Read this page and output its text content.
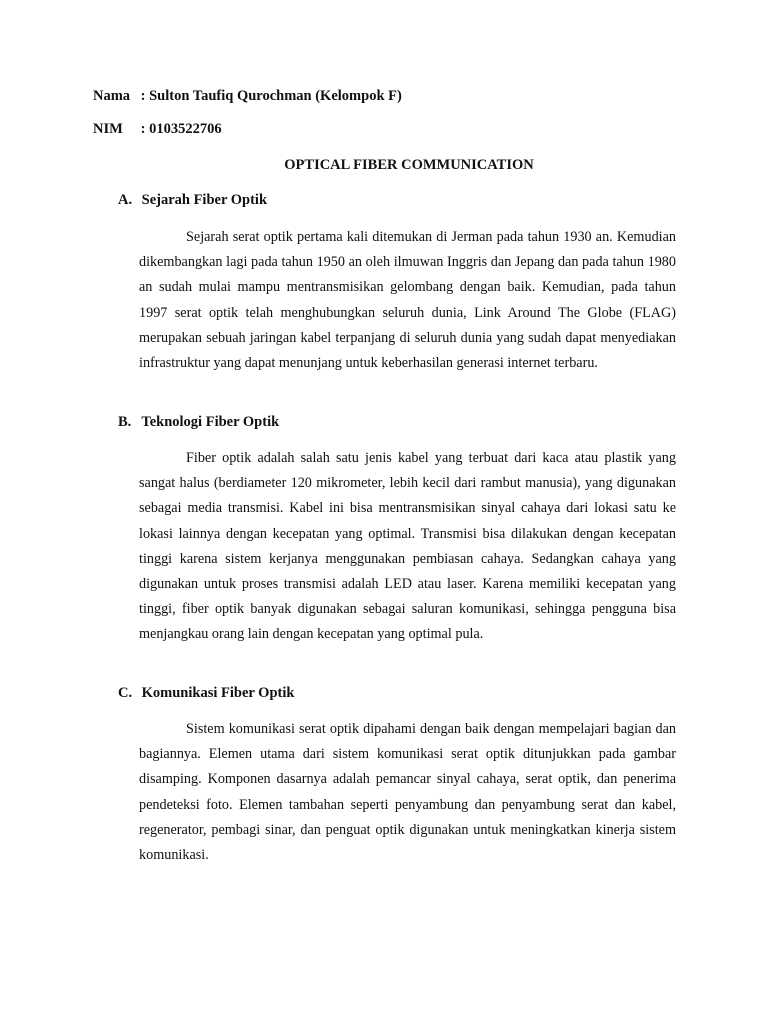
Nama : Sulton Taufiq Qurochman (Kelompok F)
NIM : 0103522706
OPTICAL FIBER COMMUNICATION
A. Sejarah Fiber Optik

Sejarah serat optik pertama kali ditemukan di Jerman pada tahun 1930 an. Kemudian dikembangkan lagi pada tahun 1950 an oleh ilmuwan Inggris dan Jepang dan pada tahun 1980 an sudah mulai mampu mentransmisikan gelombang dengan baik. Kemudian, pada tahun 1997 serat optik telah menghubungkan seluruh dunia, Link Around The Globe (FLAG) merupakan sebuah jaringan kabel terpanjang di seluruh dunia yang sudah dapat menyediakan infrastruktur yang dapat menunjang untuk keberhasilan generasi internet terbaru.

B. Teknologi Fiber Optik

Fiber optik adalah salah satu jenis kabel yang terbuat dari kaca atau plastik yang sangat halus (berdiameter 120 mikrometer, lebih kecil dari rambut manusia), yang digunakan sebagai media transmisi. Kabel ini bisa mentransmisikan sinyal cahaya dari lokasi satu ke lokasi lainnya dengan kecepatan yang optimal. Transmisi bisa dilakukan dengan kecepatan tinggi karena sistem kerjanya menggunakan pembiasan cahaya. Sedangkan cahaya yang digunakan untuk proses transmisi adalah LED atau laser. Karena memiliki kecepatan yang tinggi, fiber optik banyak digunakan sebagai saluran komunikasi, sehingga pengguna bisa menjangkau orang lain dengan kecepatan yang optimal pula.

C. Komunikasi Fiber Optik

Sistem komunikasi serat optik dipahami dengan baik dengan mempelajari bagian dan bagiannya. Elemen utama dari sistem komunikasi serat optik ditunjukkan pada gambar disamping. Komponen dasarnya adalah pemancar sinyal cahaya, serat optik, dan penerima pendeteksi foto. Elemen tambahan seperti penyambung dan penyambung serat dan kabel, regenerator, pembagi sinar, dan penguat optik digunakan untuk meningkatkan kinerja sistem komunikasi.
